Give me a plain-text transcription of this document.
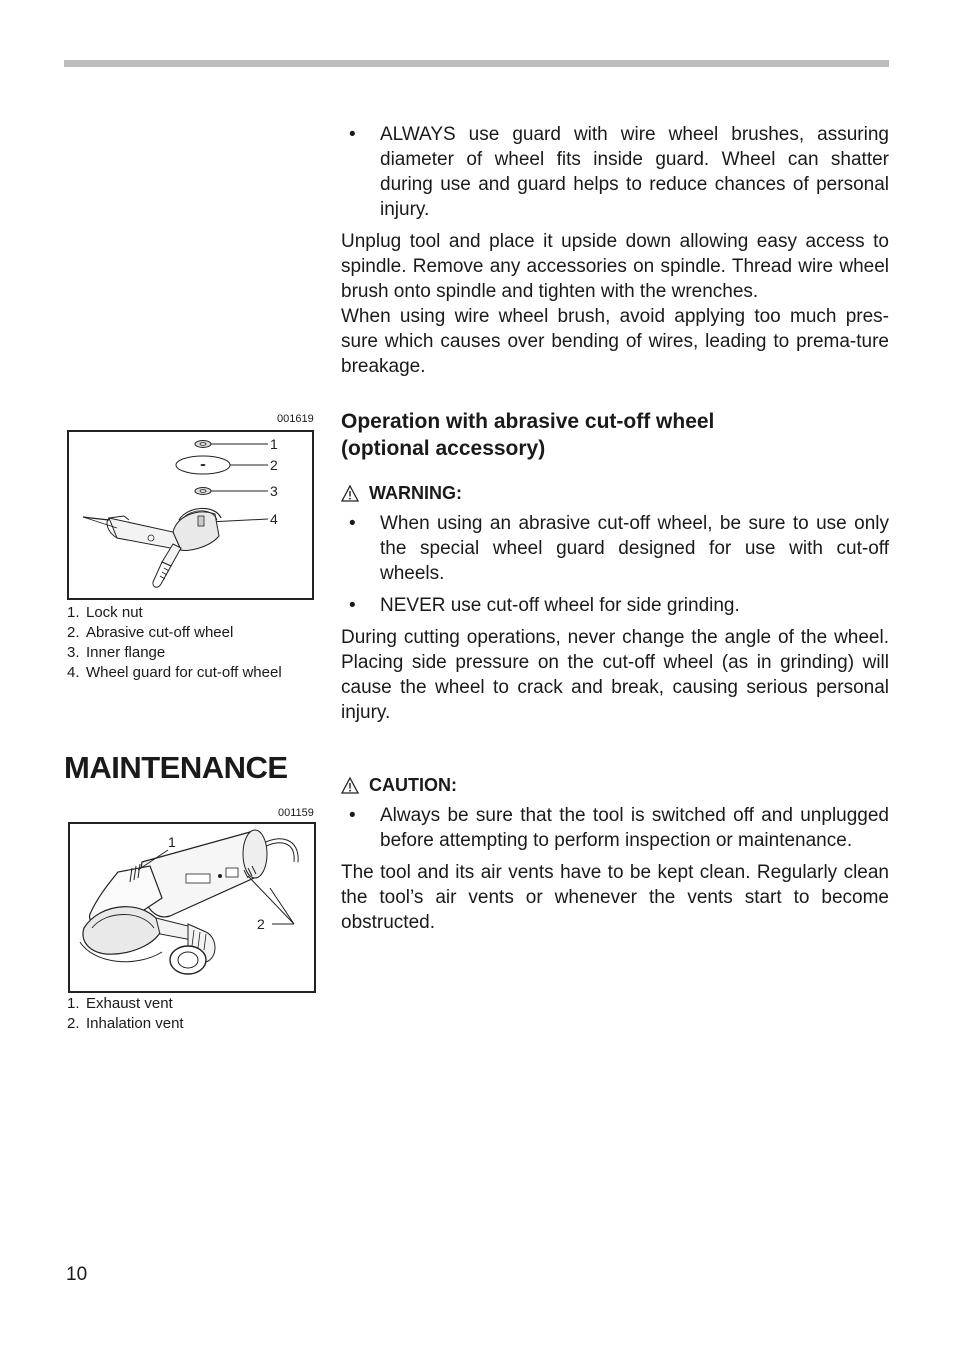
• ALWAYS use guard with wire wheel brushes, assuring diameter of wheel fits inside guard. Wheel can shatter during use and guard helps to reduce chances of personal injury.

Unplug tool and place it upside down allowing easy access to spindle. Remove any accessories on spindle. Thread wire wheel brush onto spindle and tighten with the wrenches.

When using wire wheel brush, avoid applying too much pres-sure which causes over bending of wires, leading to prema-ture breakage.

Operation with abrasive cut-off wheel
(optional accessory)
WARNING:
• When using an abrasive cut-off wheel, be sure to use only the special wheel guard designed for use with cut-off wheels.
• NEVER use cut-off wheel for side grinding.

During cutting operations, never change the angle of the wheel. Placing side pressure on the cut-off wheel (as in grinding) will cause the wheel to crack and break, causing serious personal injury.

CAUTION:
• Always be sure that the tool is switched off and unplugged before attempting to perform inspection or maintenance.

The tool and its air vents have to be kept clean. Regularly clean the tool’s air vents or whenever the vents start to become obstructed.

001619
1
2
3
4
1. Lock nut
2. Abrasive cut-off wheel
3. Inner flange
4. Wheel guard for cut-off wheel
MAINTENANCE
001159
1
2
1. Exhaust vent
2. Inhalation vent
10
